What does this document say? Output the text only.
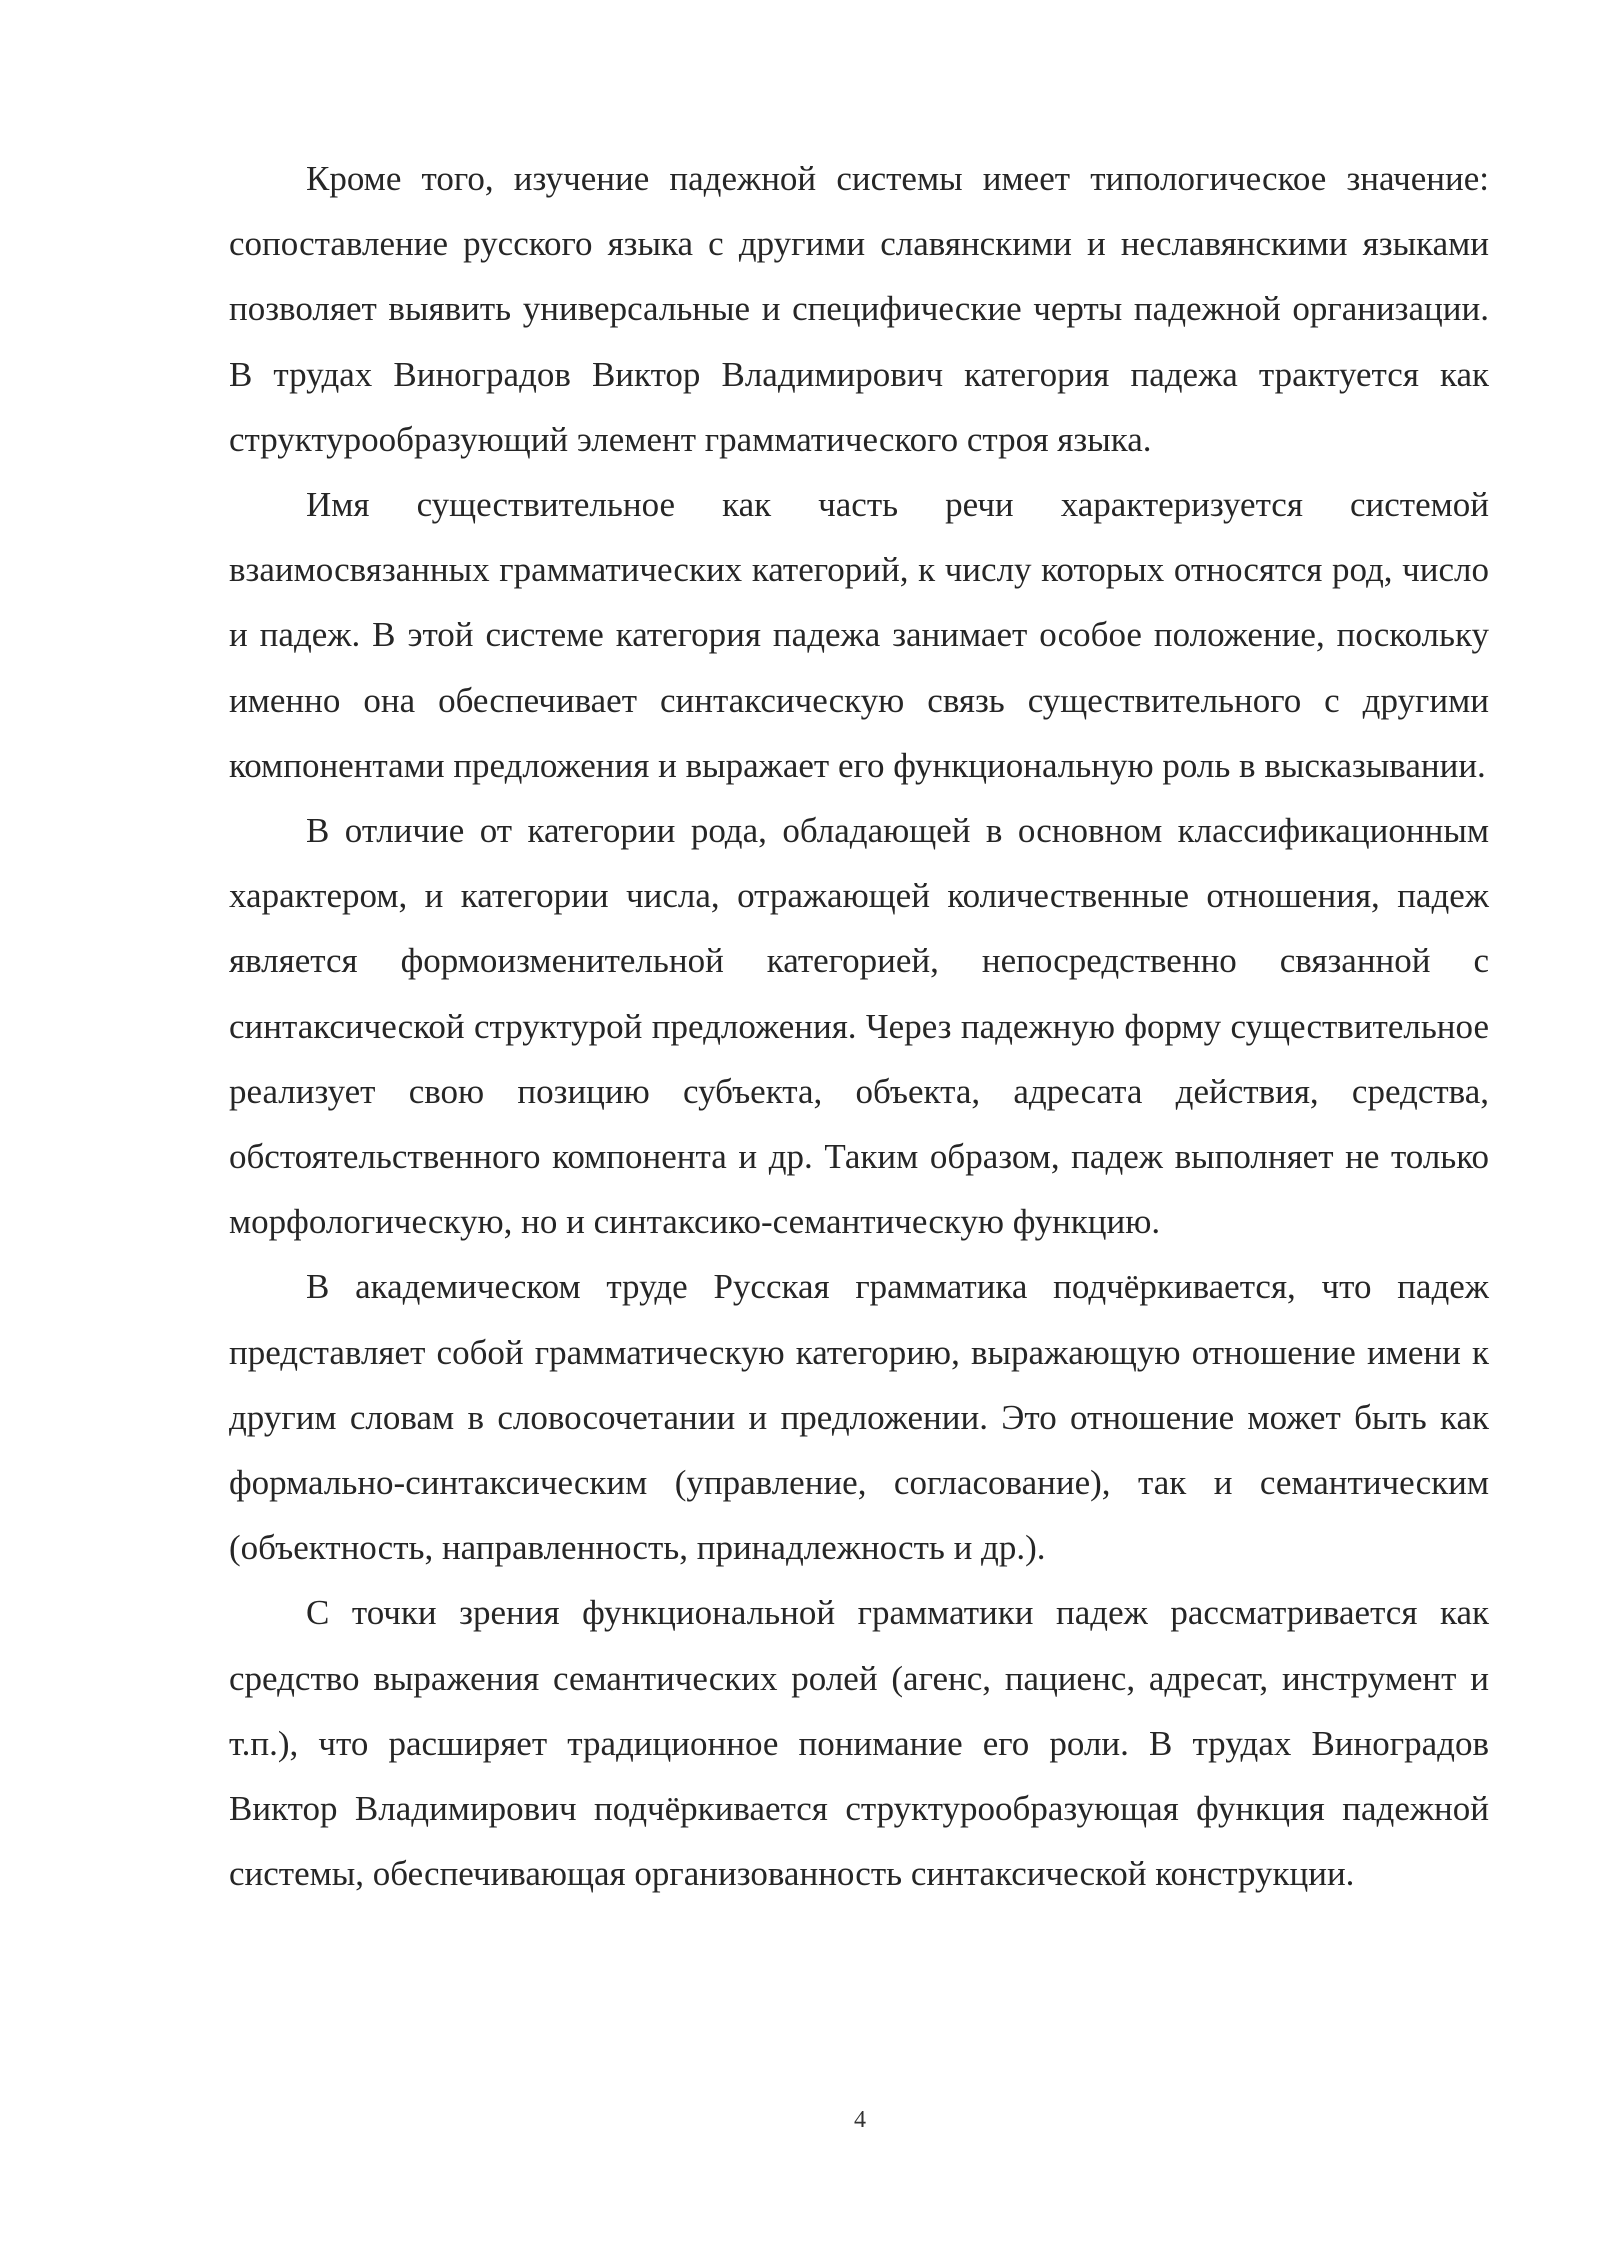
Кроме того, изучение падежной системы имеет типологическое значение: сопоставление русского языка с другими славянскими и неславянскими языками позволяет выявить универсальные и специфические черты падежной организации. В трудах Виноградов Виктор Владимирович категория падежа трактуется как структурообразующий элемент грамматического строя языка.

Имя существительное как часть речи характеризуется системой взаимосвязанных грамматических категорий, к числу которых относятся род, число и падеж. В этой системе категория падежа занимает особое положение, поскольку именно она обеспечивает синтаксическую связь существительного с другими компонентами предложения и выражает его функциональную роль в высказывании.

В отличие от категории рода, обладающей в основном классификационным характером, и категории числа, отражающей количественные отношения, падеж является формоизменительной категорией, непосредственно связанной с синтаксической структурой предложения. Через падежную форму существительное реализует свою позицию субъекта, объекта, адресата действия, средства, обстоятельственного компонента и др. Таким образом, падеж выполняет не только морфологическую, но и синтаксико-семантическую функцию.

В академическом труде Русская грамматика подчёркивается, что падеж представляет собой грамматическую категорию, выражающую отношение имени к другим словам в словосочетании и предложении. Это отношение может быть как формально-синтаксическим (управление, согласование), так и семантическим (объектность, направленность, принадлежность и др.).

С точки зрения функциональной грамматики падеж рассматривается как средство выражения семантических ролей (агенс, пациенс, адресат, инструмент и т.п.), что расширяет традиционное понимание его роли. В трудах Виноградов Виктор Владимирович подчёркивается структурообразующая функция падежной системы, обеспечивающая организованность синтаксической конструкции.

4
